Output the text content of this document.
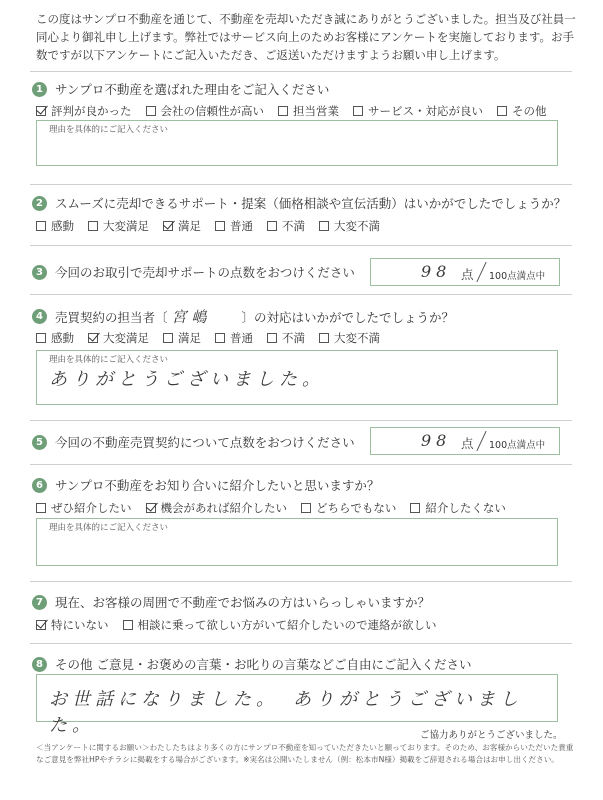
この度はサンプロ不動産を通じて、不動産を売却いただき誠にありがとうございました。担当及び社員一同心より御礼申し上げます。弊社ではサービス向上のためお客様にアンケートを実施しております。お手数ですが以下アンケートにご記入いただき、ご返送いただけますようお願い申し上げます。
1 サンプロ不動産を選ばれた理由をご記入ください
評判が良かった	会社の信頼性が高い	担当営業	サービス・対応が良い	その他
理由を具体的にご記入ください
2 スムーズに売却できるサポート・提案（価格相談や宣伝活動）はいかがでしたでしょうか？
感動	大変満足	満足	普通	不満	大変不満
3 今回のお取引で売却サポートの点数をおつけください	98 点 100点満点中
4 売買契約の担当者〔 宮嶋	〕の対応はいかがでしたでしょうか？
感動	大変満足	満足	普通	不満	大変不満
理由を具体的にご記入ください
ありがとうございました。
5 今回の不動産売買契約について点数をおつけください	98 点 100点満点中
6 サンプロ不動産をお知り合いに紹介したいと思いますか？
ぜひ紹介したい	機会があれば紹介したい	どちらでもない	紹介したくない
理由を具体的にご記入ください
7 現在、お客様の周囲で不動産でお悩みの方はいらっしゃいますか？
特にいない	相談に乗って欲しい方がいて紹介したいので連絡が欲しい
8 その他 ご意見・お褒めの言葉・お叱りの言葉などご自由にご記入ください
お世話になりました。　ありがとうございました。	ご協力ありがとうございました。
＜当アンケートに関するお願い＞わたしたちはより多くの方にサンプロ不動産を知っていただきたいと願っております。そのため、お客様からいただいた貴重なご意見を弊社HPやチラシに掲載をする場合がございます。※実名は公開いたしません（例：松本市N様）掲載をご辞退される場合はお申し出ください。
